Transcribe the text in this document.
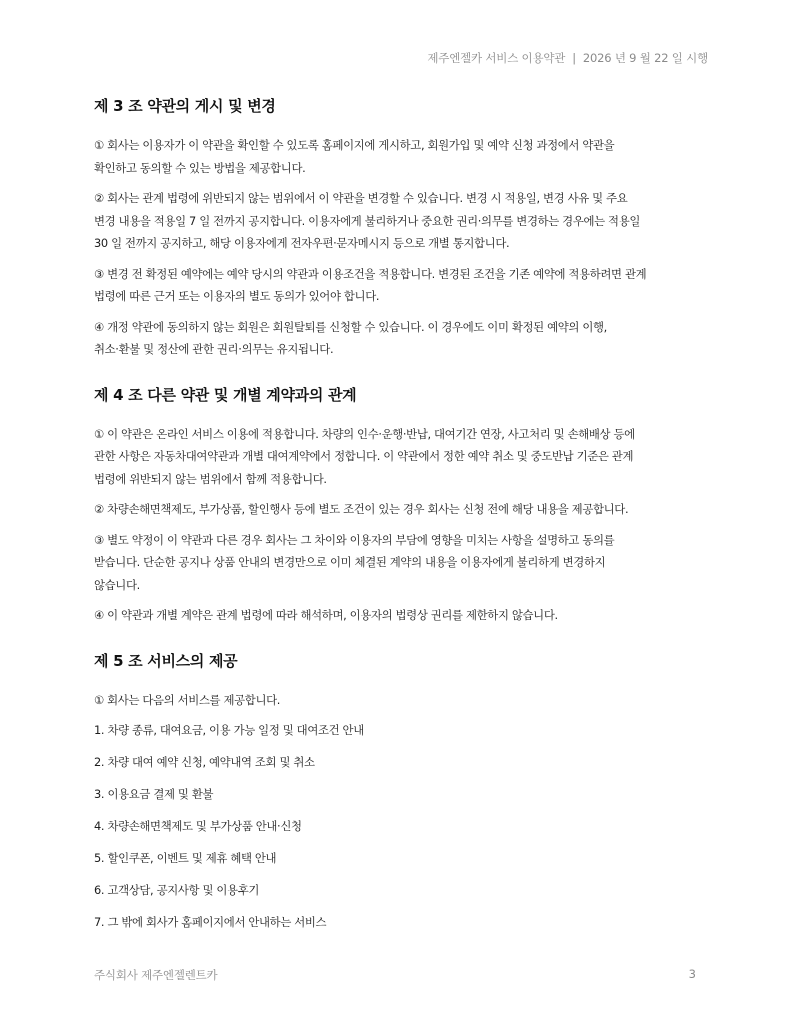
제주엔젤카 서비스 이용약관 | 2026 년 9 월 22 일 시행
제 3 조 약관의 게시 및 변경

① 회사는 이용자가 이 약관을 확인할 수 있도록 홈페이지에 게시하고, 회원가입 및 예약 신청 과정에서 약관을
확인하고 동의할 수 있는 방법을 제공합니다.

② 회사는 관계 법령에 위반되지 않는 범위에서 이 약관을 변경할 수 있습니다. 변경 시 적용일, 변경 사유 및 주요
변경 내용을 적용일 7 일 전까지 공지합니다. 이용자에게 불리하거나 중요한 권리·의무를 변경하는 경우에는 적용일
30 일 전까지 공지하고, 해당 이용자에게 전자우편·문자메시지 등으로 개별 통지합니다.

③ 변경 전 확정된 예약에는 예약 당시의 약관과 이용조건을 적용합니다. 변경된 조건을 기존 예약에 적용하려면 관계
법령에 따른 근거 또는 이용자의 별도 동의가 있어야 합니다.

④ 개정 약관에 동의하지 않는 회원은 회원탈퇴를 신청할 수 있습니다. 이 경우에도 이미 확정된 예약의 이행,
취소·환불 및 정산에 관한 권리·의무는 유지됩니다.

제 4 조 다른 약관 및 개별 계약과의 관계

① 이 약관은 온라인 서비스 이용에 적용합니다. 차량의 인수·운행·반납, 대여기간 연장, 사고처리 및 손해배상 등에
관한 사항은 자동차대여약관과 개별 대여계약에서 정합니다. 이 약관에서 정한 예약 취소 및 중도반납 기준은 관계
법령에 위반되지 않는 범위에서 함께 적용합니다.

② 차량손해면책제도, 부가상품, 할인행사 등에 별도 조건이 있는 경우 회사는 신청 전에 해당 내용을 제공합니다.

③ 별도 약정이 이 약관과 다른 경우 회사는 그 차이와 이용자의 부담에 영향을 미치는 사항을 설명하고 동의를
받습니다. 단순한 공지나 상품 안내의 변경만으로 이미 체결된 계약의 내용을 이용자에게 불리하게 변경하지
않습니다.

④ 이 약관과 개별 계약은 관계 법령에 따라 해석하며, 이용자의 법령상 권리를 제한하지 않습니다.

제 5 조 서비스의 제공

① 회사는 다음의 서비스를 제공합니다.

1. 차량 종류, 대여요금, 이용 가능 일정 및 대여조건 안내

2. 차량 대여 예약 신청, 예약내역 조회 및 취소

3. 이용요금 결제 및 환불

4. 차량손해면책제도 및 부가상품 안내·신청

5. 할인쿠폰, 이벤트 및 제휴 혜택 안내

6. 고객상담, 공지사항 및 이용후기

7. 그 밖에 회사가 홈페이지에서 안내하는 서비스

주식회사 제주엔젤렌트카	3
